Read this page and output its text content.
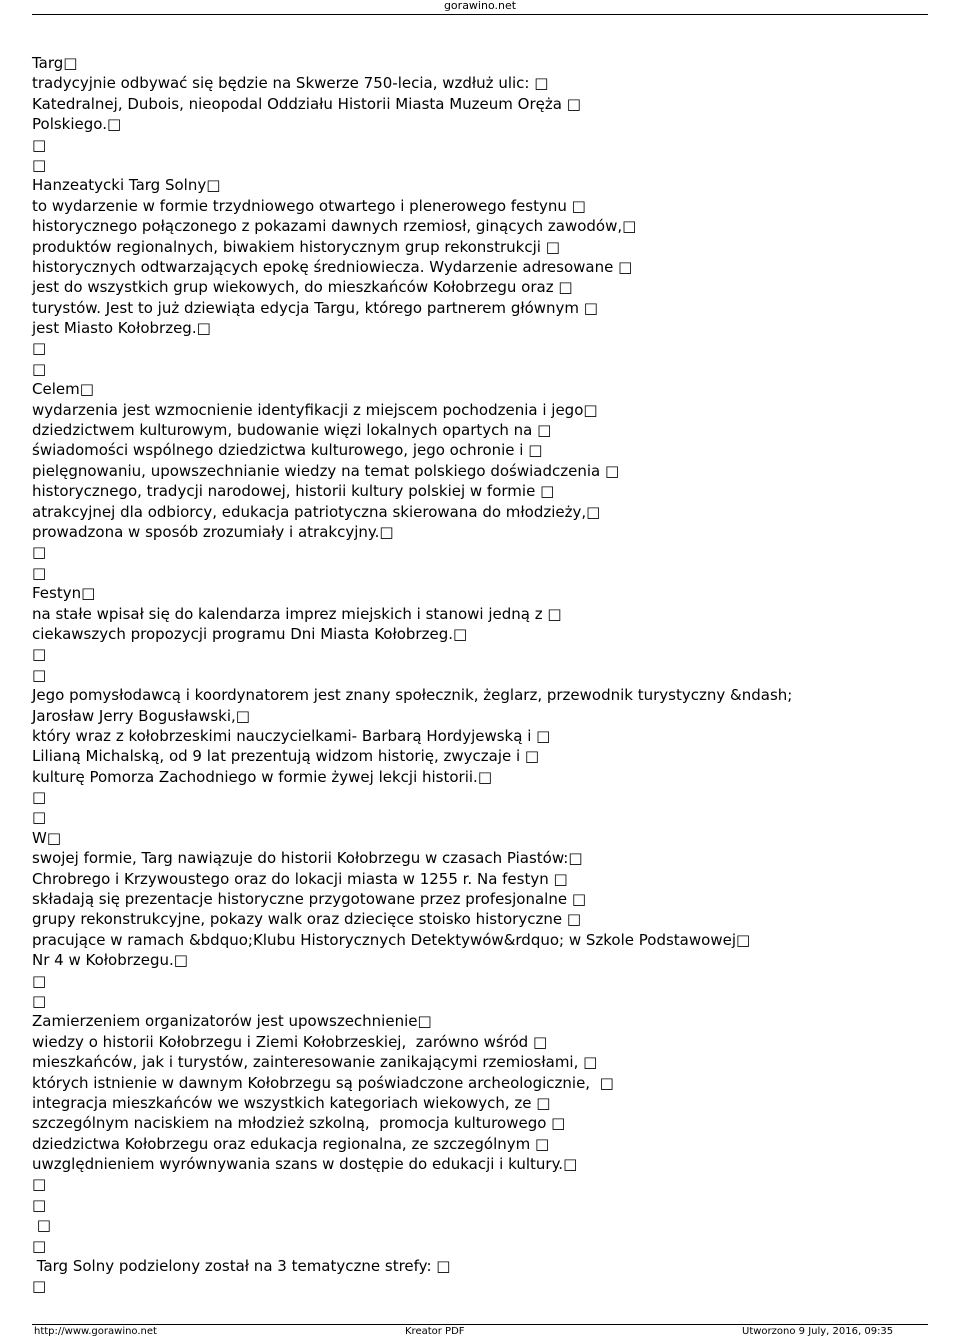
gorawino.net
Targ□
tradycyjnie odbywać się będzie na Skwerze 750-lecia, wzdłuż ulic: □
Katedralnej, Dubois, nieopodal Oddziału Historii Miasta Muzeum Oręża □
Polskiego.□
□
□
Hanzeatycki Targ Solny□
to wydarzenie w formie trzydniowego otwartego i plenerowego festynu □
historycznego połączonego z pokazami dawnych rzemiosł, ginących zawodów,□
produktów regionalnych, biwakiem historycznym grup rekonstrukcji □
historycznych odtwarzających epokę średniowiecza. Wydarzenie adresowane □
jest do wszystkich grup wiekowych, do mieszkańców Kołobrzegu oraz □
turystów. Jest to już dziewiąta edycja Targu, którego partnerem głównym □
jest Miasto Kołobrzeg.□
□
□
Celem□
wydarzenia jest wzmocnienie identyfikacji z miejscem pochodzenia i jego□
dziedzictwem kulturowym, budowanie więzi lokalnych opartych na □
świadomości wspólnego dziedzictwa kulturowego, jego ochronie i □
pielęgnowaniu, upowszechnianie wiedzy na temat polskiego doświadczenia □
historycznego, tradycji narodowej, historii kultury polskiej w formie □
atrakcyjnej dla odbiorcy, edukacja patriotyczna skierowana do młodzieży,□
prowadzona w sposób zrozumiały i atrakcyjny.□
□
□
Festyn□
na stałe wpisał się do kalendarza imprez miejskich i stanowi jedną z □
ciekawszych propozycji programu Dni Miasta Kołobrzeg.□
□
□
Jego pomysłodawcą i koordynatorem jest znany społecznik, żeglarz, przewodnik turystyczny &ndash;
Jarosław Jerry Bogusławski,□
który wraz z kołobrzeskimi nauczycielkami- Barbarą Hordyjewską i □
Lilianą Michalską, od 9 lat prezentują widzom historię, zwyczaje i □
kulturę Pomorza Zachodniego w formie żywej lekcji historii.□
□
□
W□
swojej formie, Targ nawiązuje do historii Kołobrzegu w czasach Piastów:□
Chrobrego i Krzywoustego oraz do lokacji miasta w 1255 r. Na festyn □
składają się prezentacje historyczne przygotowane przez profesjonalne □
grupy rekonstrukcyjne, pokazy walk oraz dziecięce stoisko historyczne □
pracujące w ramach &bdquo;Klubu Historycznych Detektywów&rdquo; w Szkole Podstawowej□
Nr 4 w Kołobrzegu.□
□
□
Zamierzeniem organizatorów jest upowszechnienie□
wiedzy o historii Kołobrzegu i Ziemi Kołobrzeskiej,  zarówno wśród □
mieszkańców, jak i turystów, zainteresowanie zanikającymi rzemiosłami, □
których istnienie w dawnym Kołobrzegu są poświadczone archeologicznie,  □
integracja mieszkańców we wszystkich kategoriach wiekowych, ze □
szczególnym naciskiem na młodzież szkolną,  promocja kulturowego □
dziedzictwa Kołobrzegu oraz edukacja regionalna, ze szczególnym □
uwzględnieniem wyrównywania szans w dostępie do edukacji i kultury.□
□
□
□
□
Targ Solny podzielony został na 3 tematyczne strefy: □
□
http://www.gorawino.net	Kreator PDF	Utworzono 9 July, 2016, 09:35
